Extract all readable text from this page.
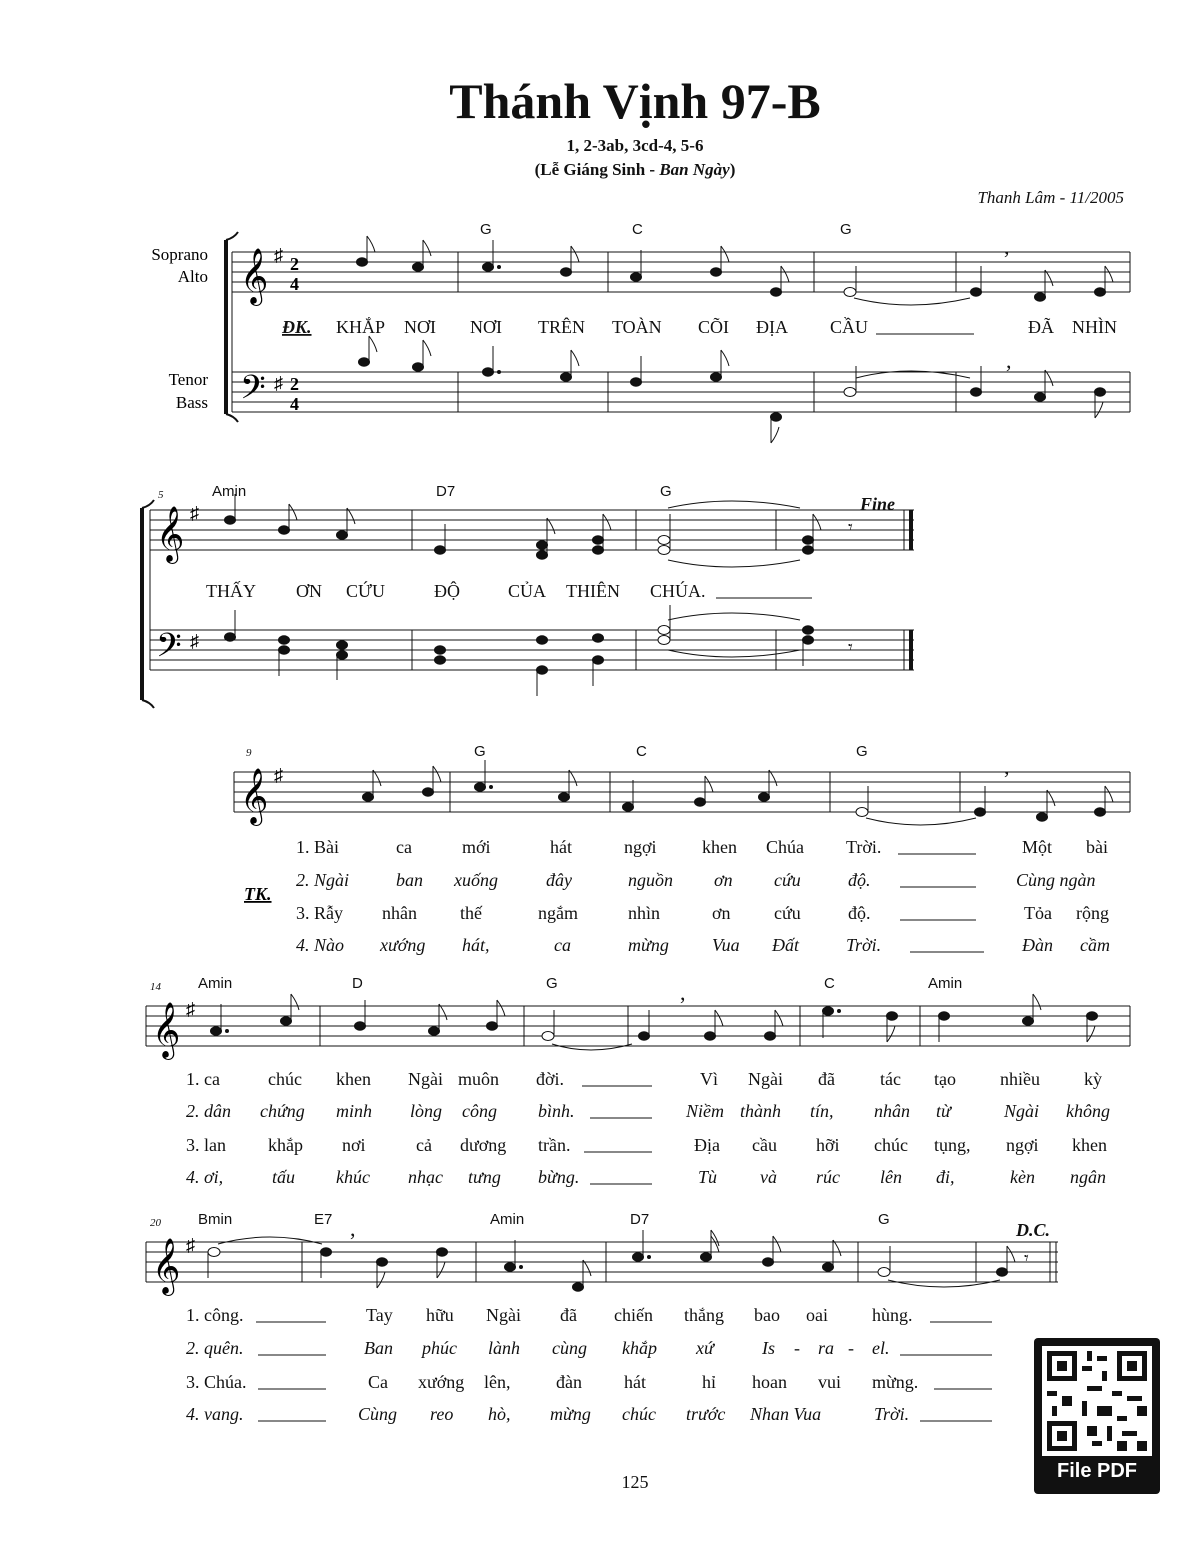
Thánh Vịnh 97-B
1, 2-3ab, 3cd-4, 5-6
(Lễ Giáng Sinh - Ban Ngày)
Thanh Lâm - 11/2005
Soprano
Alto
Tenor
Bass
𝄞
𝄢
♯
♯
2
4
2
4
,
,
G	C	G
ĐK. KHẮP NƠI NƠI TRÊN TOÀN CÕI ĐỊA CẦU	ĐÃ NHÌN
5
𝄞
𝄢
♯
♯
𝄾
Fine
𝄾
Amin	D7	G
THẤY ƠN CỨU	ĐỘ	CỦA THIÊN CHÚA.
9
𝄞 ♯	,
G	C	G
TK.
1. Bài	ca	mới	hát	ngợi	khen Chúa Trời.	Một bài
2. Ngài	ban xuống	đây	nguồn ơn cứu	độ.	Cùng ngàn
3. Rẫy nhân thế	ngắm	nhìn	ơn cứu	độ.	Tỏa rộng
4. Nào xướng hát,	ca	mừng Vua Đất	Trời.	Đàn cầm
14
𝄞 ♯
,
Amin	D	G	C	Amin
1. ca	chúc khen Ngài muôn đời.	Vì Ngài đã	tác tạo nhiều kỳ
2. dân chứng minh lòng công bình.	Niềm thành tín, nhân từ	Ngài không
3. lan khắp nơi	cả dương trần.	Địa cầu hỡi chúc tụng, ngợi khen
4. ơi,	tấu khúc nhạc tưng bừng.	Tù và rúc lên đi,	kèn ngân
20
𝄞 ♯
,
𝄾
D.C.
Bmin	E7	Amin	D7	G
1. công.	Tay hữu Ngài đã chiến thắng bao oai hùng.
2. quên.	Ban phúc lành cùng khắp xứ	Is - ra - el.
3. Chúa.	Ca xướng lên,	đàn hát	hỉ hoan vui mừng.
4. vang.	Cùng reo hò, mừng chúc trước Nhan Vua	Trời.
125	File PDF
